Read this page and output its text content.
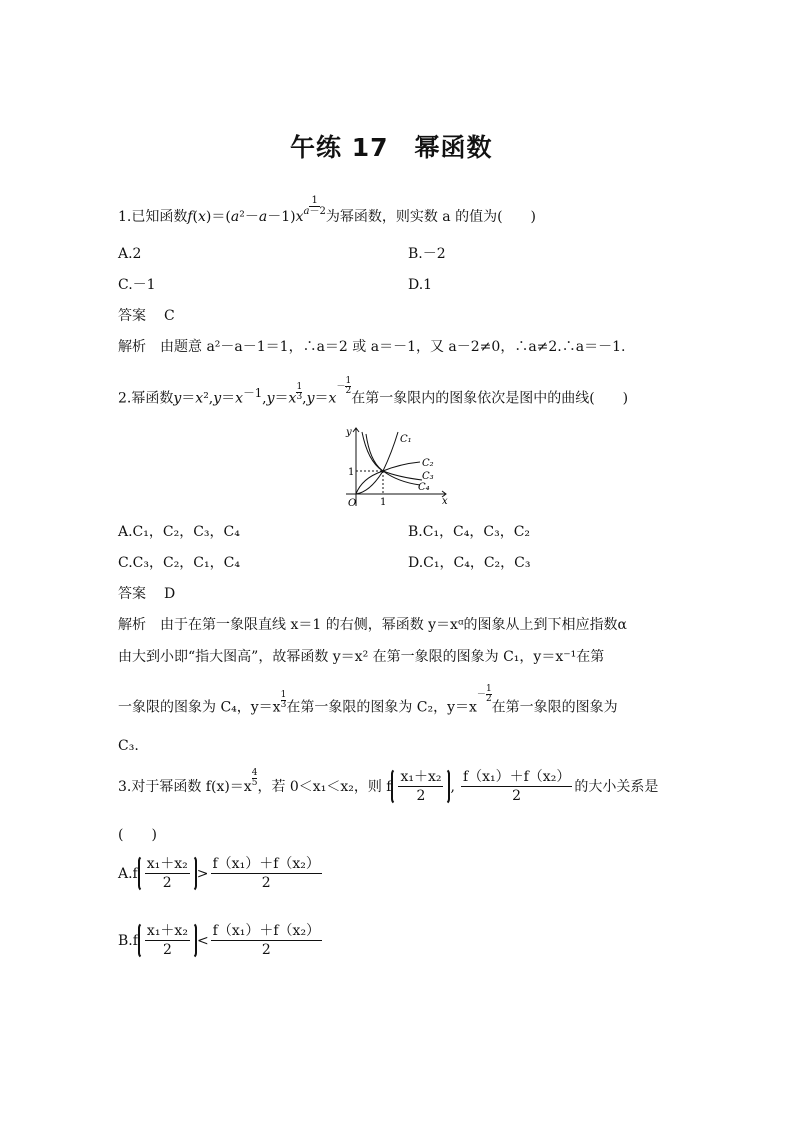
午练 17　幂函数
1.已知函数f(x)＝(a²－a－1)x $^{\frac{1}{a-2}}$ 为幂函数，则实数 a 的值为(　　)
A.2	B.－2
C.－1	D.1
答案 C
解析 由题意 a²－a－1＝1，∴a＝2 或 a＝－1，又 a－2≠0，∴a≠2.∴a＝－1.
2.幂函数$y=x^2,y=x^{-1},y=x$ $^{\frac{1}{3}}$ $,y=x^{- \frac{1}{2}}$
在第一象限内的图象依次是图中的曲线(　　)
y
x
O 1
1
C₁
C₂
C₃
C₄
A.C₁，C₂，C₃，C₄	B.C₁，C₄，C₃，C₂
C.C₃，C₂，C₁，C₄	D.C₁，C₄，C₂，C₃
答案 D
解析 由于在第一象限直线 x＝1 的右侧，幂函数 y＝xᵅ的图象从上到下相应指数α
由大到小即“指大图高”，故幂函数 y＝x² 在第一象限的图象为 C₁，y＝x⁻¹在第
一象限的图象为 C₄，y＝x $^{\frac{1}{3}}$ 在第一象限的图象为 C₂，$y=x^{- \frac{1}{2}}$
在第一象限的图象为
C₃.
3.对于幂函数 f(x)＝x
$^{4 5}$ ，若 0＜x₁＜x₂，则 f $\frac{\text{x₁＋x₂}}{2}$ , $\frac{\text{f（x₁）＋f（x₂）}}{2}$ 的大小关系是
(　　)
$A.f \frac{\text{x₁＋x₂}}{2} > \frac{\text{f（x₁）＋f（x₂）}}{2}$
$B.f \frac{\text{x₁＋x₂}}{2} < \frac{\text{f（x₁）＋f（x₂）}}{2}$
